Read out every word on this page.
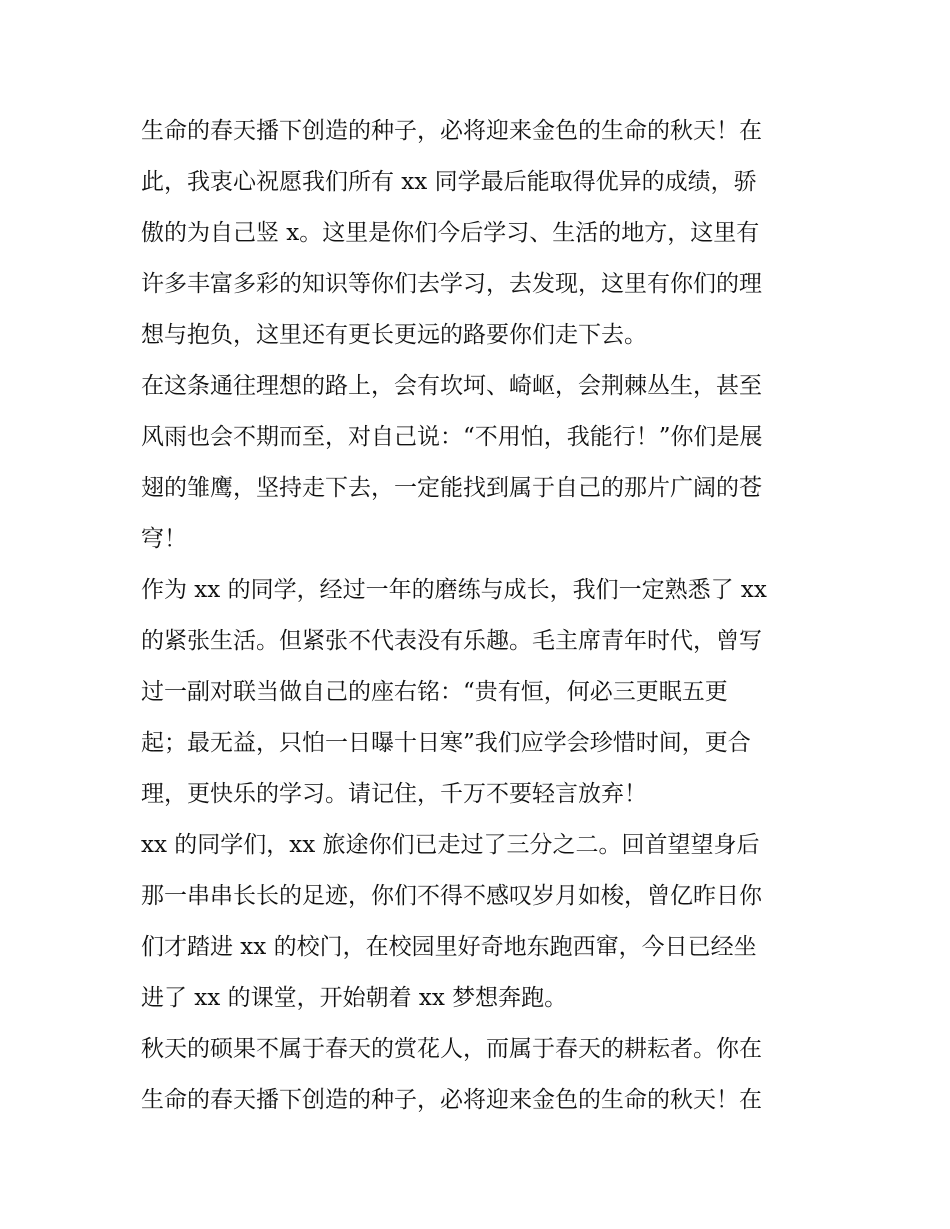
生命的春天播下创造的种子，必将迎来金色的生命的秋天！在
此，我衷心祝愿我们所有 xx 同学最后能取得优异的成绩，骄
傲的为自己竖 x。这里是你们今后学习、生活的地方，这里有
许多丰富多彩的知识等你们去学习，去发现，这里有你们的理
想与抱负，这里还有更长更远的路要你们走下去。
在这条通往理想的路上，会有坎坷、崎岖，会荆棘丛生，甚至
风雨也会不期而至，对自己说：“不用怕，我能行！”你们是展
翅的雏鹰，坚持走下去，一定能找到属于自己的那片广阔的苍
穹！
作为 xx 的同学，经过一年的磨练与成长，我们一定熟悉了 xx
的紧张生活。但紧张不代表没有乐趣。毛主席青年时代，曾写
过一副对联当做自己的座右铭：“贵有恒，何必三更眠五更
起；最无益，只怕一日曝十日寒”我们应学会珍惜时间，更合
理，更快乐的学习。请记住，千万不要轻言放弃！
xx 的同学们，xx 旅途你们已走过了三分之二。回首望望身后
那一串串长长的足迹，你们不得不感叹岁月如梭，曾亿昨日你
们才踏进 xx 的校门，在校园里好奇地东跑西窜，今日已经坐
进了 xx 的课堂，开始朝着 xx 梦想奔跑。
秋天的硕果不属于春天的赏花人，而属于春天的耕耘者。你在
生命的春天播下创造的种子，必将迎来金色的生命的秋天！在
